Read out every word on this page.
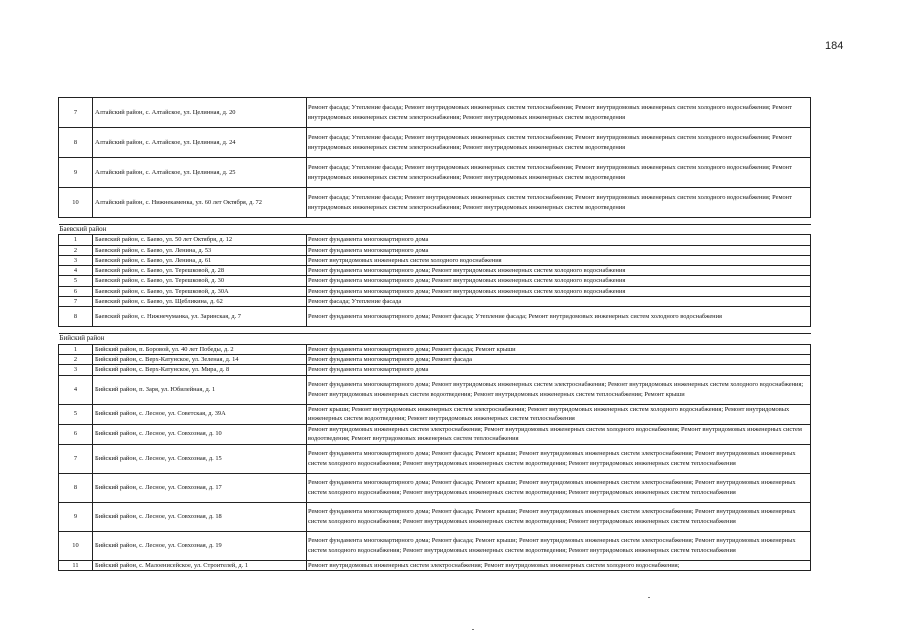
184
7	Алтайский район, с. Алтайское, ул. Целинная, д. 20	Ремонт фасада; Утепление фасада; Ремонт внутридомовых инженерных систем теплоснабжения; Ремонт внутридомовых инженерных систем холодного водоснабжения; Ремонт внутридомовых инженерных систем электроснабжения; Ремонт внутридомовых инженерных систем водоотведения
8	Алтайский район, с. Алтайское, ул. Целинная, д. 24	Ремонт фасада; Утепление фасада; Ремонт внутридомовых инженерных систем теплоснабжения; Ремонт внутридомовых инженерных систем холодного водоснабжения; Ремонт внутридомовых инженерных систем электроснабжения; Ремонт внутридомовых инженерных систем водоотведения
9	Алтайский район, с. Алтайское, ул. Целинная, д. 25	Ремонт фасада; Утепление фасада; Ремонт внутридомовых инженерных систем теплоснабжения; Ремонт внутридомовых инженерных систем холодного водоснабжения; Ремонт внутридомовых инженерных систем электроснабжения; Ремонт внутридомовых инженерных систем водоотведения
10	Алтайский район, с. Нижнекаменка, ул. 60 лет Октября, д. 72	Ремонт фасада; Утепление фасада; Ремонт внутридомовых инженерных систем теплоснабжения; Ремонт внутридомовых инженерных систем холодного водоснабжения; Ремонт внутридомовых инженерных систем электроснабжения; Ремонт внутридомовых инженерных систем водоотведения

Баевский район		
1	Баевский район, с. Баево, ул. 50 лет Октября, д. 12	Ремонт фундамента многоквартирного дома
2	Баевский район, с. Баево, ул. Ленина, д. 53	Ремонт фундамента многоквартирного дома
3	Баевский район, с. Баево, ул. Ленина, д. 61	Ремонт внутридомовых инженерных систем холодного водоснабжения
4	Баевский район, с. Баево, ул. Терешковой, д. 28	Ремонт фундамента многоквартирного дома; Ремонт внутридомовых инженерных систем холодного водоснабжения
5	Баевский район, с. Баево, ул. Терешковой, д. 30	Ремонт фундамента многоквартирного дома; Ремонт внутридомовых инженерных систем холодного водоснабжения
6	Баевский район, с. Баево, ул. Терешковой, д. 30А	Ремонт фундамента многоквартирного дома; Ремонт внутридомовых инженерных систем холодного водоснабжения
7	Баевский район, с. Баево, ул. Щебликина, д. 62	Ремонт фасада; Утепление фасада
8	Баевский район, с. Нижнечуманка, ул. Заринская, д. 7	Ремонт фундамента многоквартирного дома; Ремонт фасада; Утепление фасада; Ремонт внутридомовых инженерных систем холодного водоснабжения

Бийский район		
1	Бийский район, п. Боровой, ул. 40 лет Победы, д. 2	Ремонт фундамента многоквартирного дома; Ремонт фасада; Ремонт крыши
2	Бийский район, с. Верх-Катунское, ул. Зеленая, д. 14	Ремонт фундамента многоквартирного дома; Ремонт фасада
3	Бийский район, с. Верх-Катунское, ул. Мира, д. 8	Ремонт фундамента многоквартирного дома
4	Бийский район, п. Заря, ул. Юбилейная, д. 1	Ремонт фундамента многоквартирного дома; Ремонт внутридомовых инженерных систем электроснабжения; Ремонт внутридомовых инженерных систем холодного водоснабжения; Ремонт внутридомовых инженерных систем водоотведения; Ремонт внутридомовых инженерных систем теплоснабжения; Ремонт крыши
5	Бийский район, с. Лесное, ул. Советская, д. 39А	Ремонт крыши; Ремонт внутридомовых инженерных систем электроснабжения; Ремонт внутридомовых инженерных систем холодного водоснабжения; Ремонт внутридомовых инженерных систем водоотведения; Ремонт внутридомовых инженерных систем теплоснабжения
6	Бийский район, с. Лесное, ул. Совхозная, д. 10	Ремонт внутридомовых инженерных систем электроснабжения; Ремонт внутридомовых инженерных систем холодного водоснабжения; Ремонт внутридомовых инженерных систем водоотведения; Ремонт внутридомовых инженерных систем теплоснабжения
7	Бийский район, с. Лесное, ул. Совхозная, д. 15	Ремонт фундамента многоквартирного дома; Ремонт фасада; Ремонт крыши; Ремонт внутридомовых инженерных систем электроснабжения; Ремонт внутридомовых инженерных систем холодного водоснабжения; Ремонт внутридомовых инженерных систем водоотведения; Ремонт внутридомовых инженерных систем теплоснабжения
8	Бийский район, с. Лесное, ул. Совхозная, д. 17	Ремонт фундамента многоквартирного дома; Ремонт фасада; Ремонт крыши; Ремонт внутридомовых инженерных систем электроснабжения; Ремонт внутридомовых инженерных систем холодного водоснабжения; Ремонт внутридомовых инженерных систем водоотведения; Ремонт внутридомовых инженерных систем теплоснабжения
9	Бийский район, с. Лесное, ул. Совхозная, д. 18	Ремонт фундамента многоквартирного дома; Ремонт фасада; Ремонт крыши; Ремонт внутридомовых инженерных систем электроснабжения; Ремонт внутридомовых инженерных систем холодного водоснабжения; Ремонт внутридомовых инженерных систем водоотведения; Ремонт внутридомовых инженерных систем теплоснабжения
10	Бийский район, с. Лесное, ул. Совхозная, д. 19	Ремонт фундамента многоквартирного дома; Ремонт фасада; Ремонт крыши; Ремонт внутридомовых инженерных систем электроснабжения; Ремонт внутридомовых инженерных систем холодного водоснабжения; Ремонт внутридомовых инженерных систем водоотведения; Ремонт внутридомовых инженерных систем теплоснабжения
11	Бийский район, с. Малоенисейское, ул. Строителей, д. 1	Ремонт внутридомовых инженерных систем электроснабжения; Ремонт внутридомовых инженерных систем холодного водоснабжения;
